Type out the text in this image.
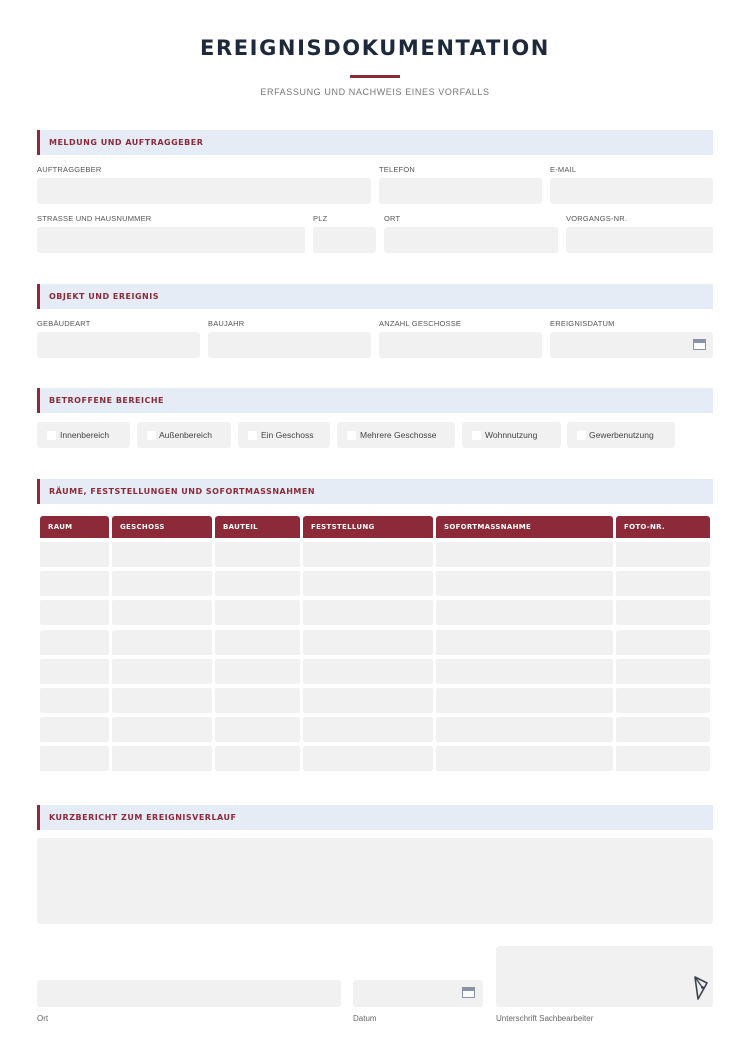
EREIGNISDOKUMENTATION
ERFASSUNG UND NACHWEIS EINES VORFALLS
MELDUNG UND AUFTRAGGEBER
AUFTRAGGEBER	TELEFON	E-MAIL
STRASSE UND HAUSNUMMER	PLZ	ORT	VORGANGS-NR.
OBJEKT UND EREIGNIS
GEBÄUDEART	BAUJAHR	ANZAHL GESCHOSSE	EREIGNISDATUM
BETROFFENE BEREICHE
Innenbereich	Außenbereich	Ein Geschoss	Mehrere Geschosse	Wohnnutzung	Gewerbenutzung
RÄUME, FESTSTELLUNGEN UND SOFORTMASSNAHMEN
RAUM	GESCHOSS	BAUTEIL	FESTSTELLUNG	SOFORTMASSNAHME	FOTO-NR.
KURZBERICHT ZUM EREIGNISVERLAUF
Ort	Datum	Unterschrift Sachbearbeiter
